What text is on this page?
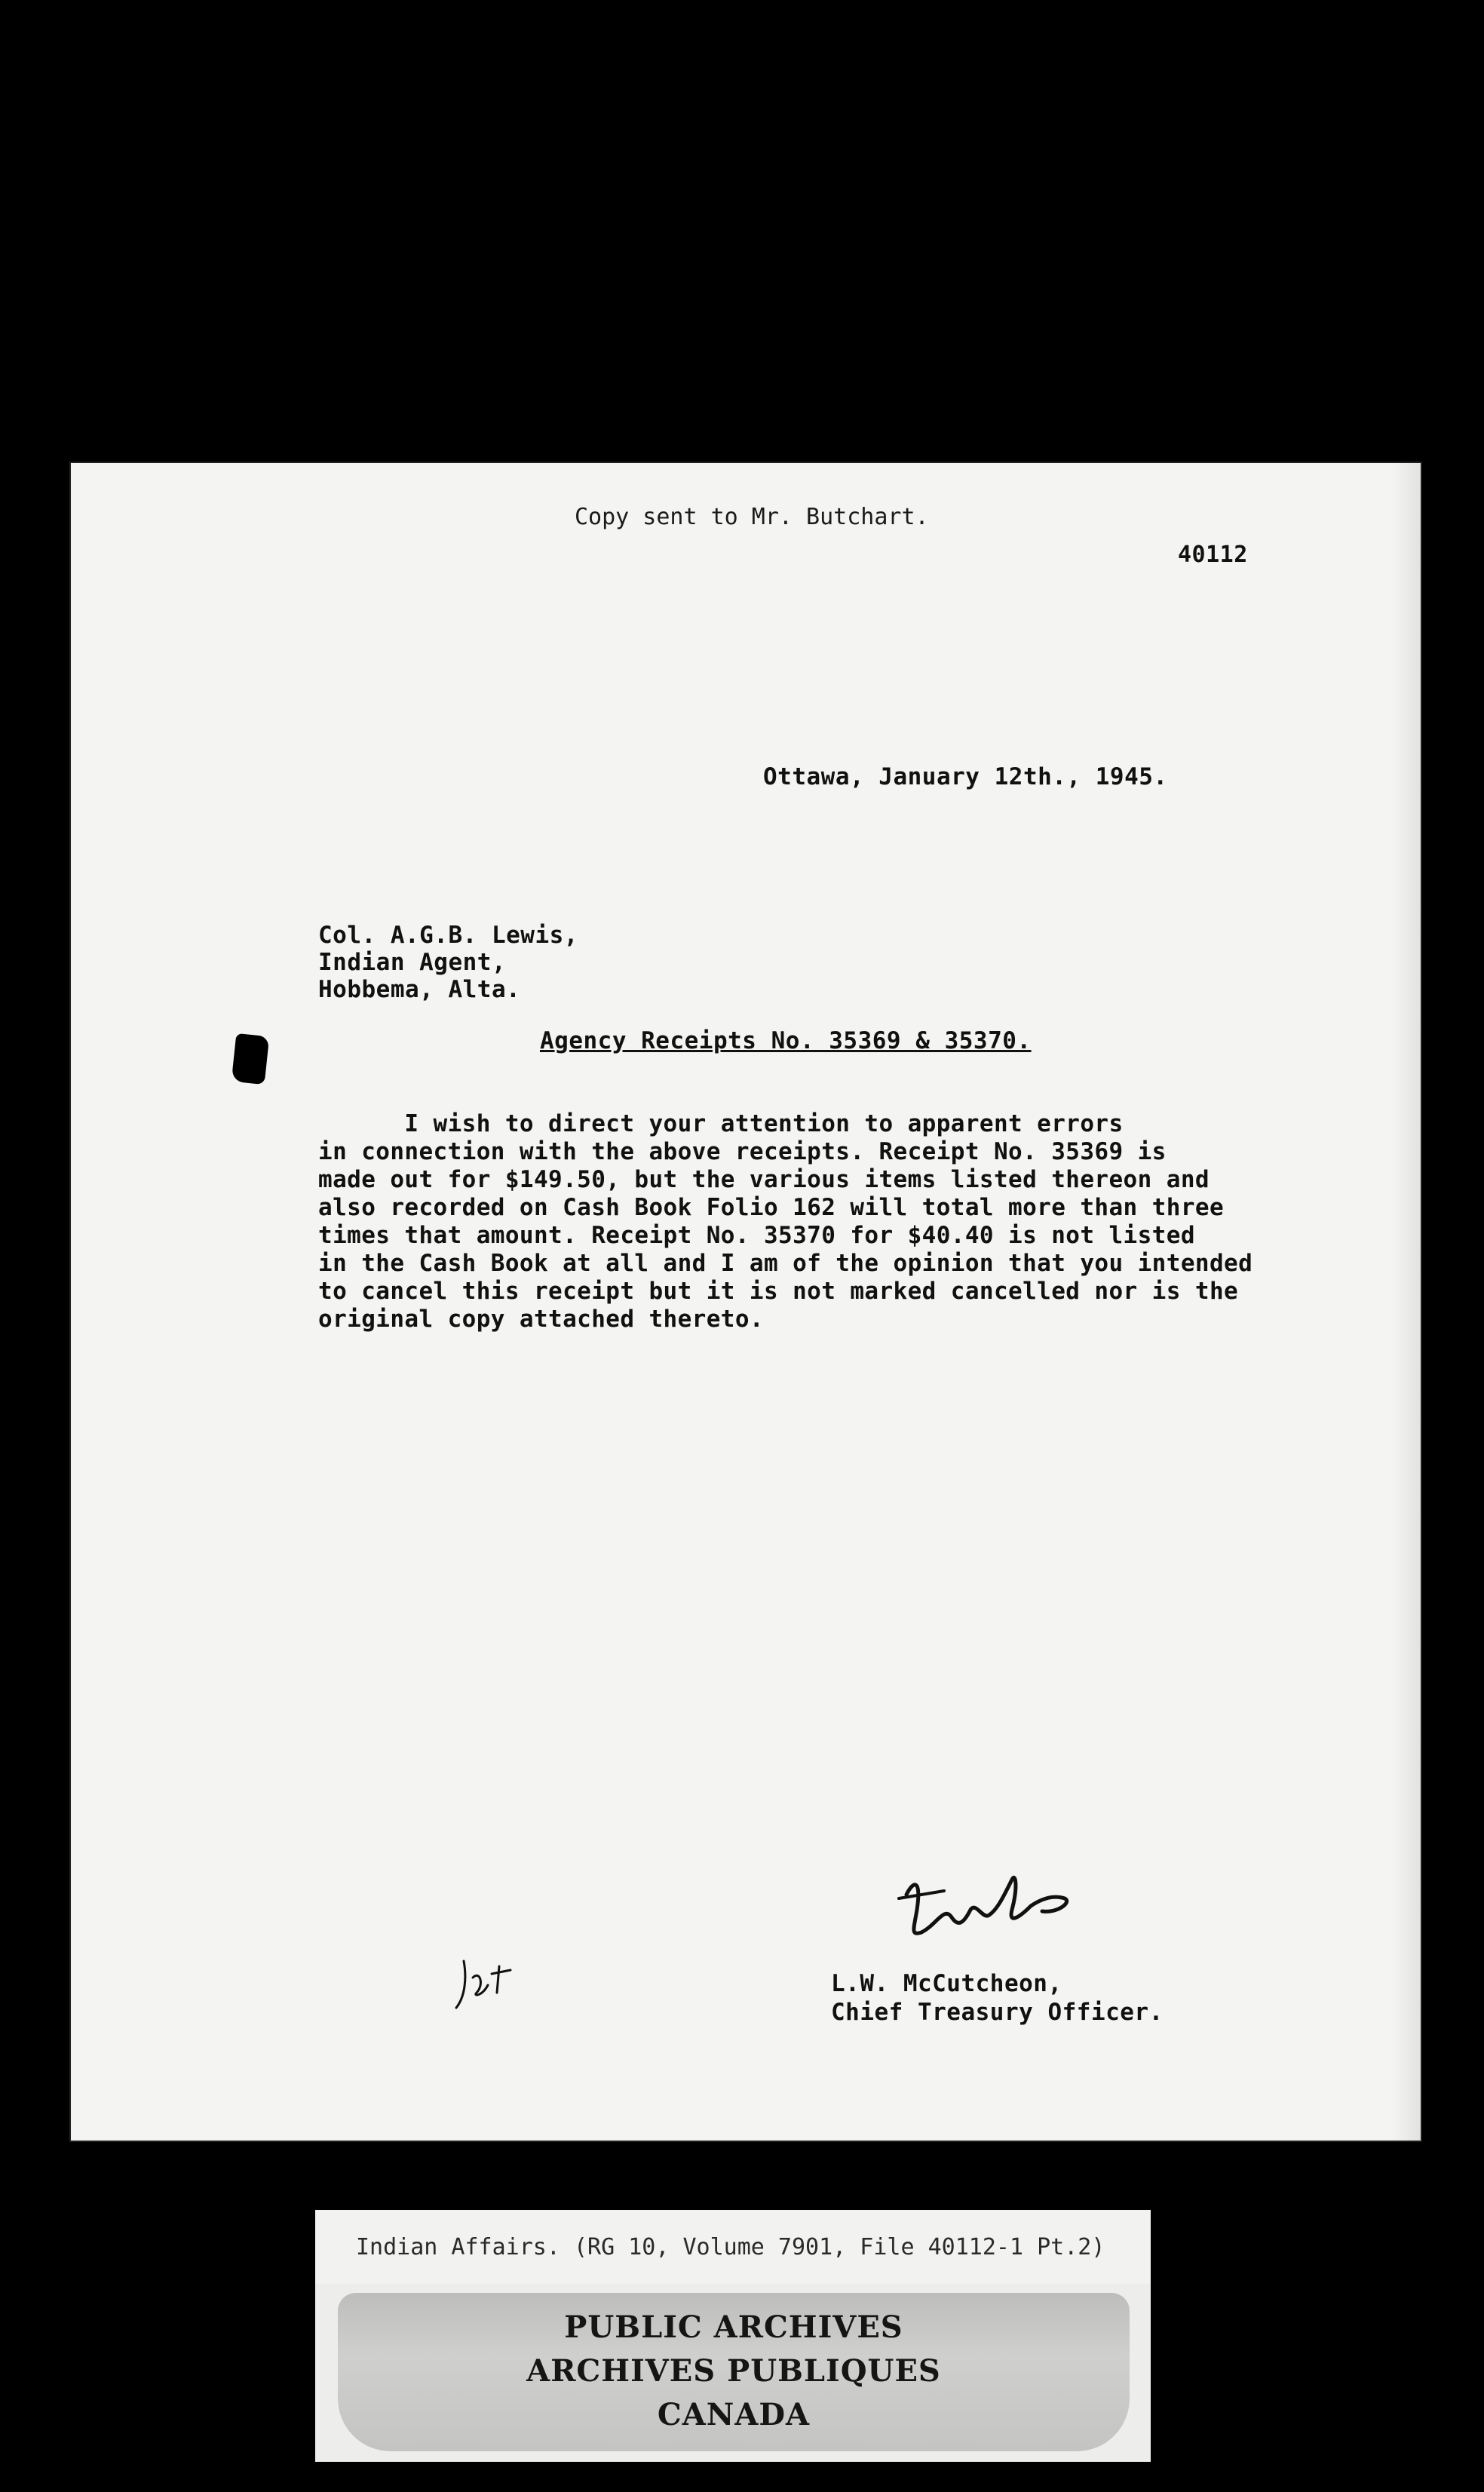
Copy sent to Mr. Butchart.
40112
Ottawa, January 12th., 1945.
Col. A.G.B. Lewis,
Indian Agent,
Hobbema, Alta.
Agency Receipts No. 35369 & 35370.
I wish to direct your attention to apparent errors
in connection with the above receipts. Receipt No. 35369 is
made out for $149.50, but the various items listed thereon and
also recorded on Cash Book Folio 162 will total more than three
times that amount. Receipt No. 35370 for $40.40 is not listed
in the Cash Book at all and I am of the opinion that you intended
to cancel this receipt but it is not marked cancelled nor is the
original copy attached thereto.
L.W. McCutcheon,
Chief Treasury Officer.
Indian Affairs. (RG 10, Volume 7901, File 40112-1 Pt.2)
PUBLIC ARCHIVES
ARCHIVES PUBLIQUES
CANADA
